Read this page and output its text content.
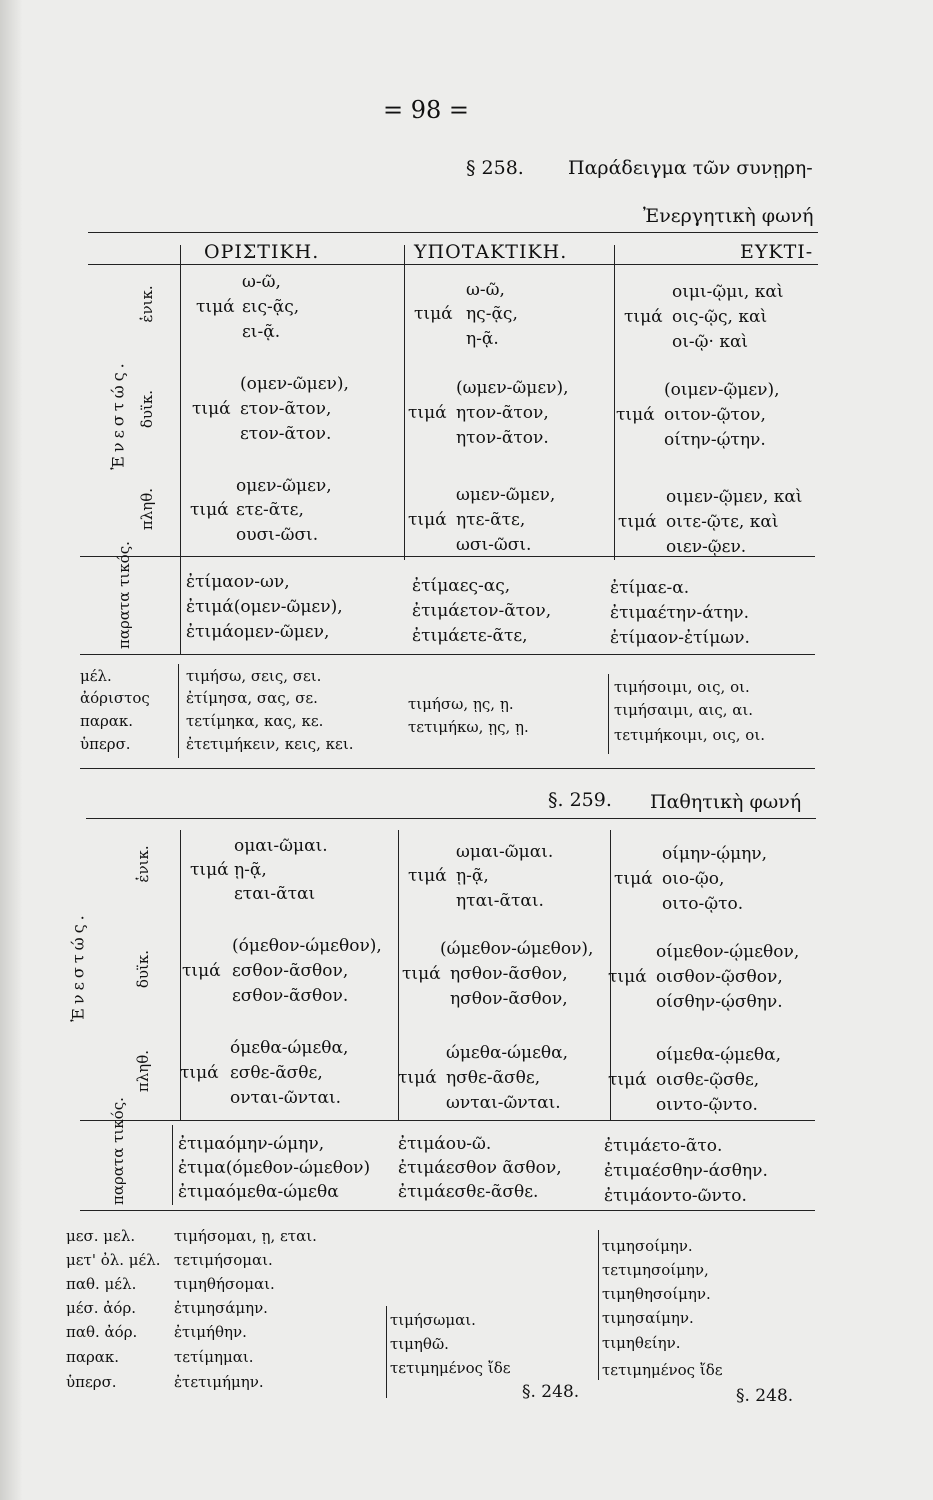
= 98 =
§ 258. Παράδειγμα τῶν συνῃρη-
Ἐνεργητικὴ φωνή
ΟΡΙΣΤΙΚΗ.	ΥΠΟΤΑΚΤΙΚΗ.	ΕΥΚΤΙ-
Ἐνεστώς.
ἑνικ.
δυϊκ.
πληθ.
παρατα τικός.
ω-ῶ,
τιμά εις-ᾷς,
ει-ᾷ.
ω-ῶ,
τιμά ης-ᾷς,
η-ᾷ.
οιμι-ῷμι, καὶ
τιμά οις-ῷς, καὶ
οι-ῷ· καὶ
(ομεν-ῶμεν),
τιμά ετον-ᾶτον,
ετον-ᾶτον.
(ωμεν-ῶμεν),
τιμά ητον-ᾶτον,
ητον-ᾶτον.
(οιμεν-ῷμεν),
τιμά οιτον-ῷτον,
οίτην-ῴτην.
ομεν-ῶμεν,
τιμά ετε-ᾶτε,
ουσι-ῶσι.
ωμεν-ῶμεν,
τιμά ητε-ᾶτε,
ωσι-ῶσι.
οιμεν-ῷμεν, καὶ
τιμά οιτε-ῷτε, καὶ
οιεν-ῷεν.
ἐτίμαον-ων,
ἐτιμά(ομεν-ῶμεν),
ἐτιμάομεν-ῶμεν,
ἐτίμαες-ας,
ἐτιμάετον-ᾶτον,
ἐτιμάετε-ᾶτε,
ἐτίμαε-α.
ἐτιμαέτην-άτην.
ἐτίμαον-ἐτίμων.
μέλ.
ἀόριστος
παρακ.
ὑπερσ.
τιμήσω, σεις, σει.
ἐτίμησα, σας, σε.
τετίμηκα, κας, κε.
ἐτετιμήκειν, κεις, κει.
τιμήσω, ῃς, ῃ.
τετιμήκω, ῃς, ῃ.
τιμήσοιμι, οις, οι.
τιμήσαιμι, αις, αι.
τετιμήκοιμι, οις, οι.
§. 259. Παθητικὴ φωνή
Ἐνεστώς.
ἑνικ.
δυϊκ.
πληθ.
παρατα τικός.
ομαι-ῶμαι.
τιμά ῃ-ᾷ,
εται-ᾶται
ωμαι-ῶμαι.
τιμά ῃ-ᾷ,
ηται-ᾶται.
οίμην-ῴμην,
τιμά οιο-ῷο,
οιτο-ῷτο.
(όμεθον-ώμεθον),
τιμά εσθον-ᾶσθον,
εσθον-ᾶσθον.
(ώμεθον-ώμεθον),
τιμά ησθον-ᾶσθον,
ησθον-ᾶσθον,
οίμεθον-ῴμεθον,
τιμά οισθον-ῷσθον,
οίσθην-ῴσθην.
όμεθα-ώμεθα,
τιμά εσθε-ᾶσθε,
ονται-ῶνται.
ώμεθα-ώμεθα,
τιμά ησθε-ᾶσθε,
ωνται-ῶνται.
οίμεθα-ῴμεθα,
τιμά οισθε-ῷσθε,
οιντο-ῷντο.
ἐτιμαόμην-ώμην,
ἐτιμα(όμεθον-ώμεθον)
ἐτιμαόμεθα-ώμεθα
ἐτιμάου-ῶ.
ἐτιμάεσθον ᾶσθον,
ἐτιμάεσθε-ᾶσθε.
ἐτιμάετο-ᾶτο.
ἐτιμαέσθην-άσθην.
ἐτιμάοντο-ῶντο.
μεσ. μελ.
μετ' ὀλ. μέλ.
παθ. μέλ.
μέσ. ἀόρ.
παθ. ἀόρ.
παρακ.
ὑπερσ.
τιμήσομαι, ῃ, εται.
τετιμήσομαι.
τιμηθήσομαι.
ἐτιμησάμην.
ἐτιμήθην.
τετίμημαι.
ἐτετιμήμην.
τιμήσωμαι.
τιμηθῶ.
τετιμημένος ἴδε
§. 248.
τιμησοίμην.
τετιμησοίμην,
τιμηθησοίμην.
τιμησαίμην.
τιμηθείην.
τετιμημένος ἴδε
§. 248.
